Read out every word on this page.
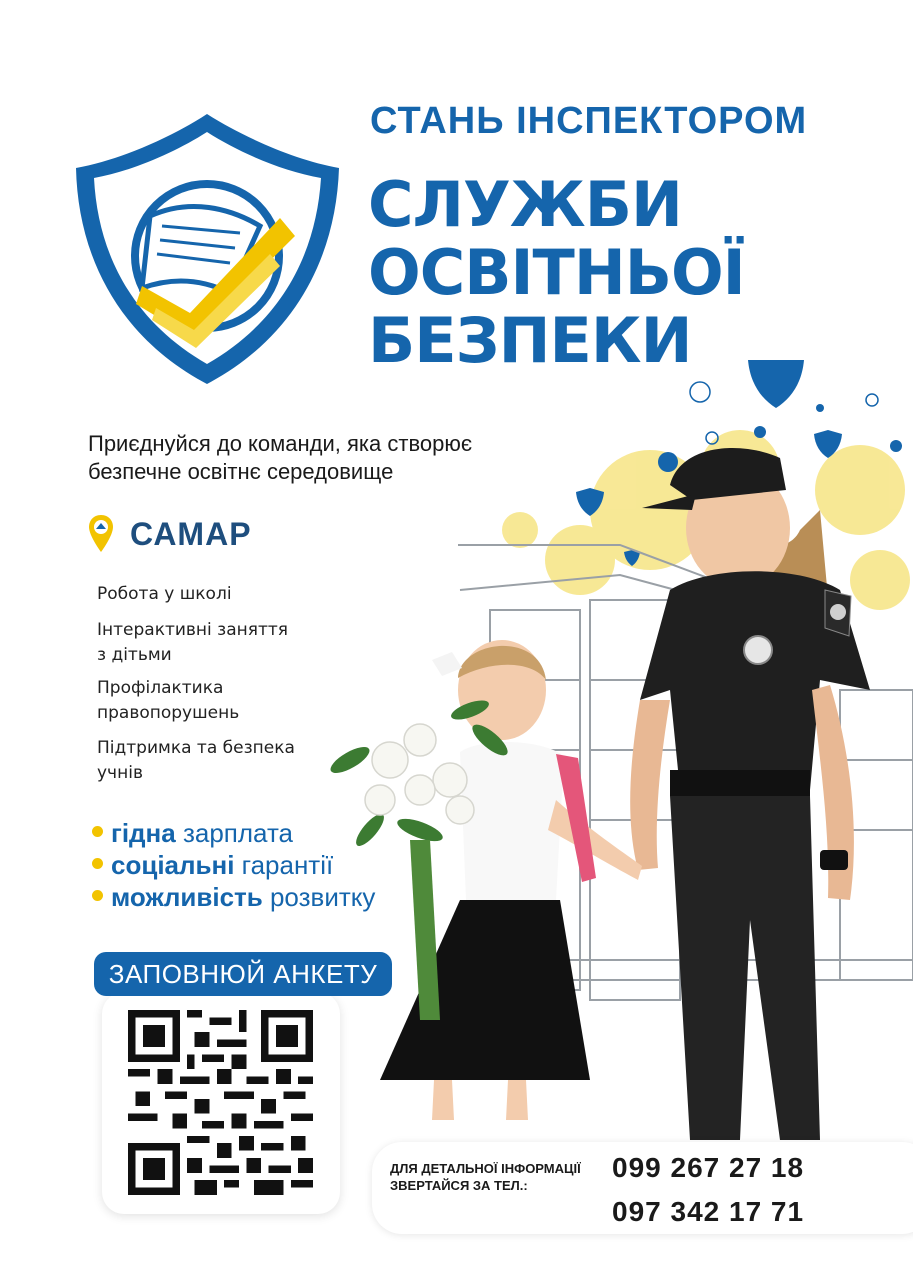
СТАНЬ ІНСПЕКТОРОМ
СЛУЖБИ
ОСВІТНЬОЇ
БЕЗПЕКИ
Приєднуйся до команди, яка створює
безпечне освітнє середовище
САМАР
Робота у школі
Інтерактивні заняття
з дітьми
Профілактика
правопорушень
Підтримка та безпека
учнів
гідна зарплата
соціальні гарантії
можливість розвитку
ЗАПОВНЮЙ АНКЕТУ
ДЛЯ ДЕТАЛЬНОЇ ІНФОРМАЦІЇ
ЗВЕРТАЙСЯ ЗА ТЕЛ.:
099 267 27 18
097 342 17 71
